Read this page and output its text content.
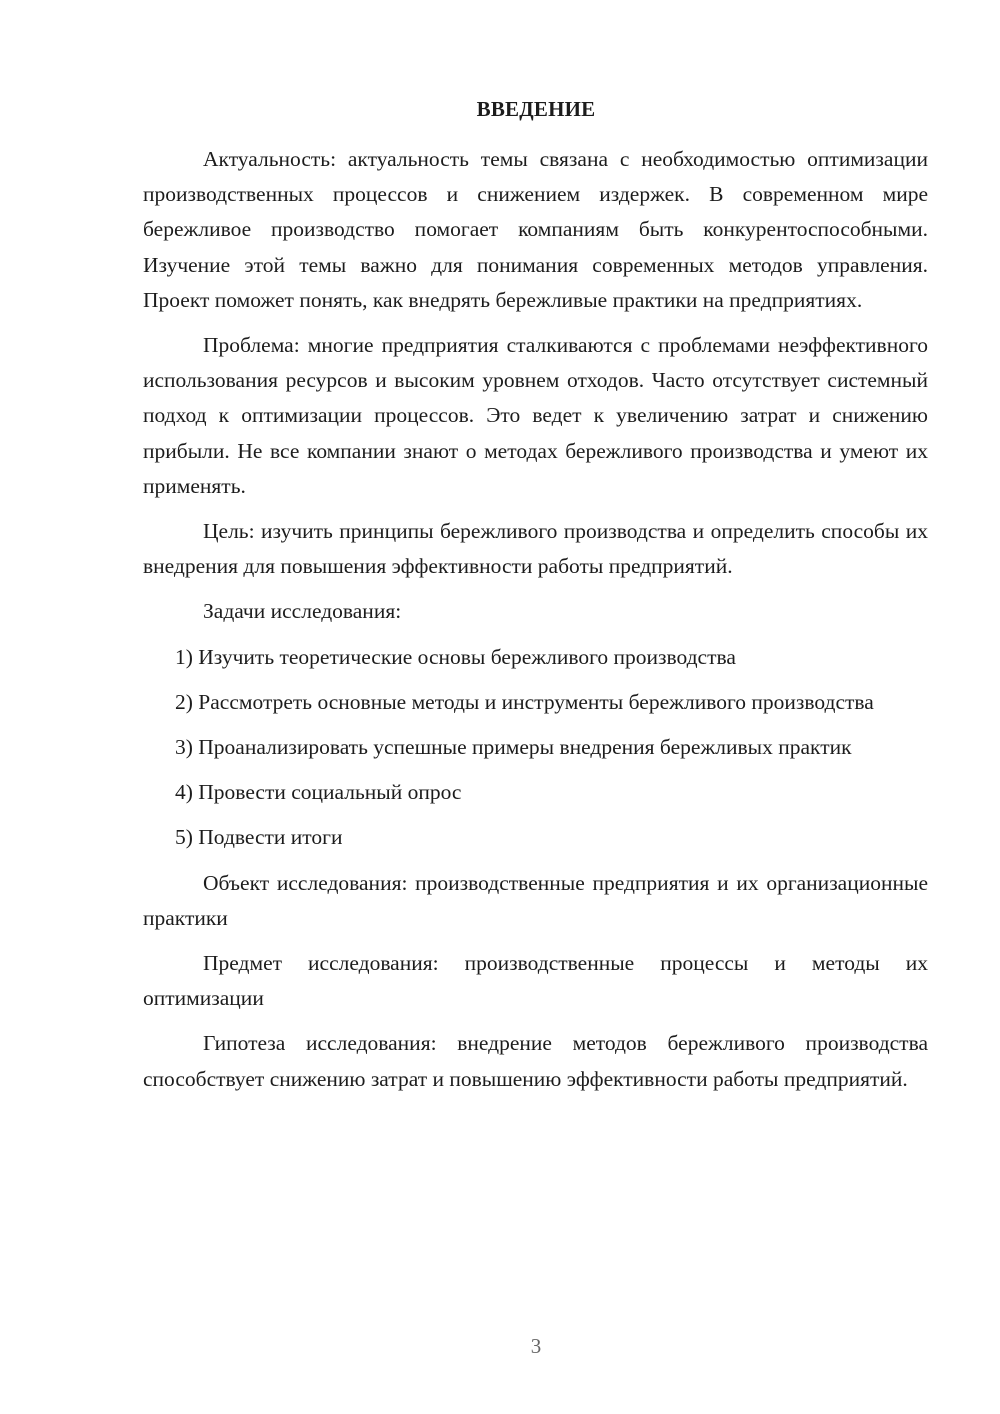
ВВЕДЕНИЕ

Актуальность: актуальность темы связана с необходимостью оптимизации производственных процессов и снижением издержек. В современном мире бережливое производство помогает компаниям быть конкурентоспособными. Изучение этой темы важно для понимания современных методов управления. Проект поможет понять, как внедрять бережливые практики на предприятиях.

Проблема: многие предприятия сталкиваются с проблемами неэффективного использования ресурсов и высоким уровнем отходов. Часто отсутствует системный подход к оптимизации процессов. Это ведет к увеличению затрат и снижению прибыли. Не все компании знают о методах бережливого производства и умеют их применять.

Цель: изучить принципы бережливого производства и определить способы их внедрения для повышения эффективности работы предприятий.

Задачи исследования:

1) Изучить теоретические основы бережливого производства

2) Рассмотреть основные методы и инструменты бережливого производства

3) Проанализировать успешные примеры внедрения бережливых практик

4) Провести социальный опрос

5) Подвести итоги

Объект исследования: производственные предприятия и их организационные практики

Предмет исследования: производственные процессы и методы их оптимизации

Гипотеза исследования: внедрение методов бережливого производства способствует снижению затрат и повышению эффективности работы предприятий.

3
